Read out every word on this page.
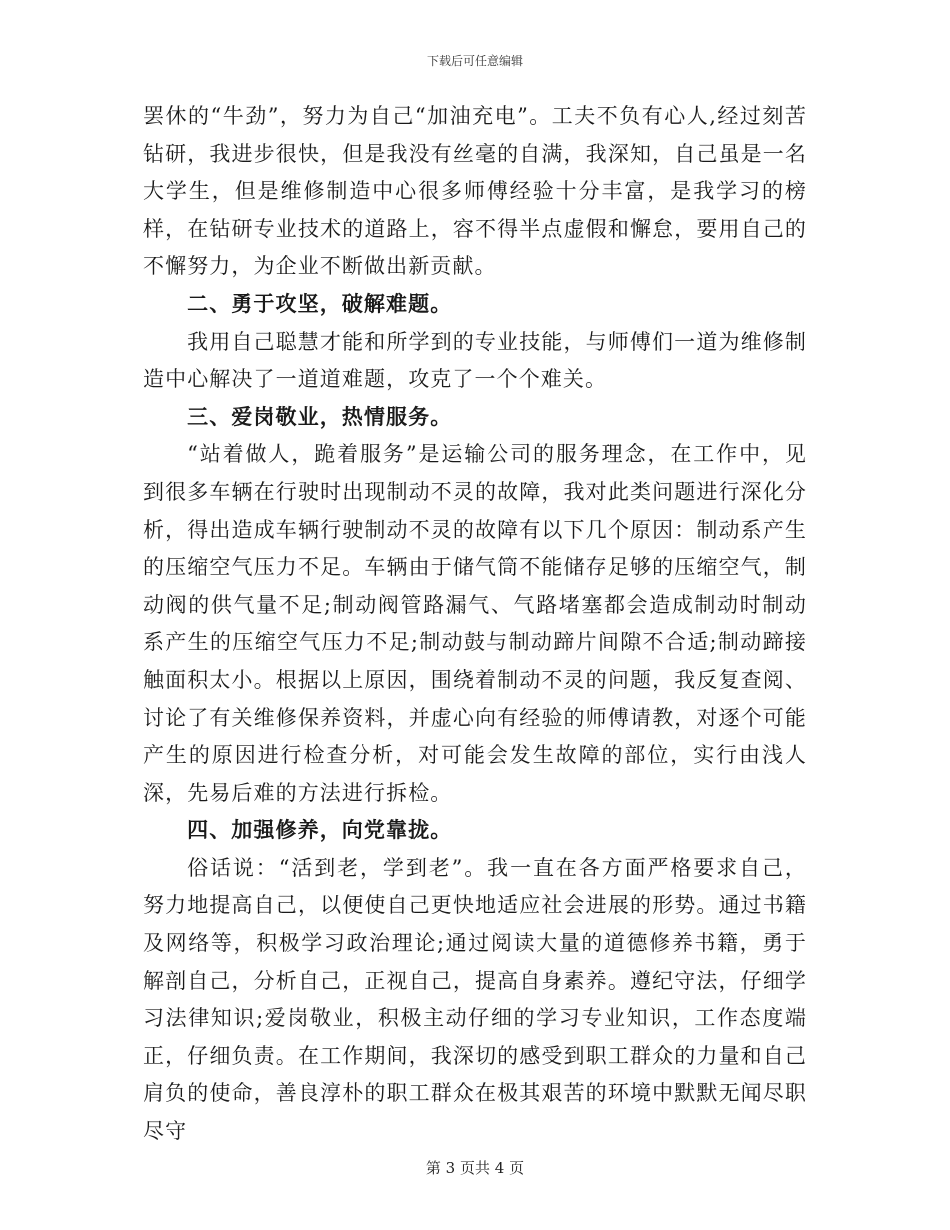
下载后可任意编辑

罢休的“牛劲”，努力为自己“加油充电”。工夫不负有心人,经过刻苦钻研，我进步很快，但是我没有丝毫的自满，我深知，自己虽是一名大学生，但是维修制造中心很多师傅经验十分丰富，是我学习的榜样，在钻研专业技术的道路上，容不得半点虚假和懈怠，要用自己的不懈努力，为企业不断做出新贡献。

二、勇于攻坚，破解难题。

我用自己聪慧才能和所学到的专业技能，与师傅们一道为维修制造中心解决了一道道难题，攻克了一个个难关。

三、爱岗敬业，热情服务。

“站着做人，跪着服务”是运输公司的服务理念，在工作中，见到很多车辆在行驶时出现制动不灵的故障，我对此类问题进行深化分析，得出造成车辆行驶制动不灵的故障有以下几个原因：制动系产生的压缩空气压力不足。车辆由于储气筒不能储存足够的压缩空气，制动阀的供气量不足;制动阀管路漏气、气路堵塞都会造成制动时制动系产生的压缩空气压力不足;制动鼓与制动蹄片间隙不合适;制动蹄接触面积太小。根据以上原因，围绕着制动不灵的问题，我反复查阅、讨论了有关维修保养资料，并虚心向有经验的师傅请教，对逐个可能产生的原因进行检查分析，对可能会发生故障的部位，实行由浅人深，先易后难的方法进行拆检。

四、加强修养，向党靠拢。

俗话说：“活到老，学到老”。我一直在各方面严格要求自己，努力地提高自己，以便使自己更快地适应社会进展的形势。通过书籍及网络等，积极学习政治理论;通过阅读大量的道德修养书籍，勇于解剖自己，分析自己，正视自己，提高自身素养。遵纪守法，仔细学习法律知识;爱岗敬业，积极主动仔细的学习专业知识，工作态度端正，仔细负责。在工作期间，我深切的感受到职工群众的力量和自己肩负的使命，善良淳朴的职工群众在极其艰苦的环境中默默无闻尽职尽守

第 3 页共 4 页
